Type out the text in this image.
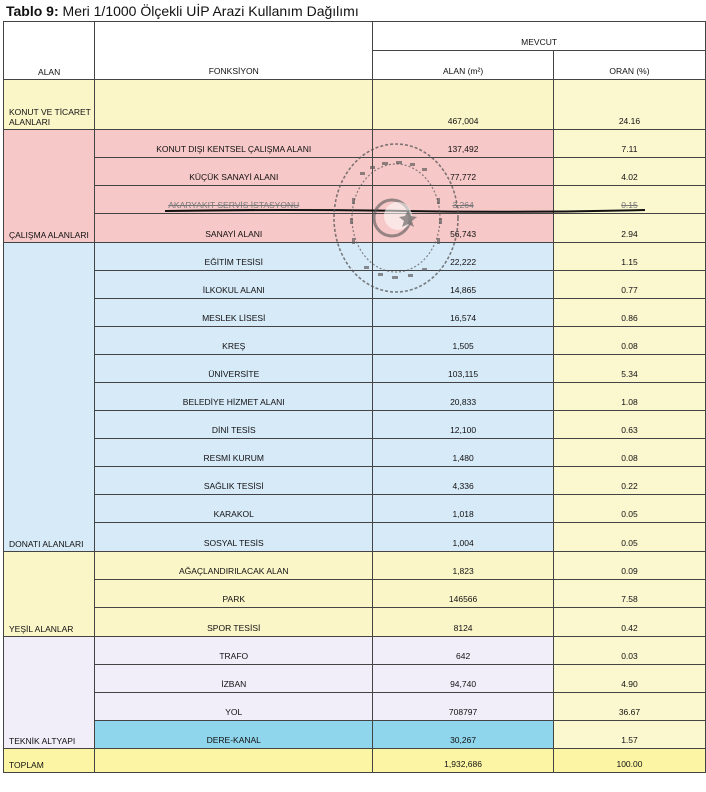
Tablo 9: Meri 1/1000 Ölçekli UİP Arazi Kullanım Dağılımı
ALAN	FONKSİYON	MEVCUT	
		ALAN (m²)	ORAN (%)
KONUT VE TİCARET ALANLARI		467,004	24.16
ÇALIŞMA ALANLARI	KONUT DIŞI KENTSEL ÇALIŞMA ALANI	137,492	7.11
	KÜÇÜK SANAYİ ALANI	77,772	4.02
	AKARYAKIT SERVİS İSTASYONU	3,264	0.15
	SANAYİ ALANI	56,743	2.94
DONATI ALANLARI	EĞİTİM TESİSİ	22,222	1.15
	İLKOKUL ALANI	14,865	0.77
	MESLEK LİSESİ	16,574	0.86
	KREŞ	1,505	0.08
	ÜNİVERSİTE	103,115	5.34
	BELEDİYE HİZMET ALANI	20,833	1.08
	DİNİ TESİS	12,100	0.63
	RESMİ KURUM	1,480	0.08
	SAĞLIK TESİSİ	4,336	0.22
	KARAKOL	1,018	0.05
	SOSYAL TESİS	1,004	0.05
YEŞİL ALANLAR	AĞAÇLANDIRILACAK ALAN	1,823	0.09
	PARK	146566	7.58
	SPOR TESİSİ	8124	0.42
TEKNİK ALTYAPI	TRAFO	642	0.03
	İZBAN	94,740	4.90
	YOL	708797	36.67
	DERE-KANAL	30,267	1.57
TOPLAM		1,932,686	100.00
